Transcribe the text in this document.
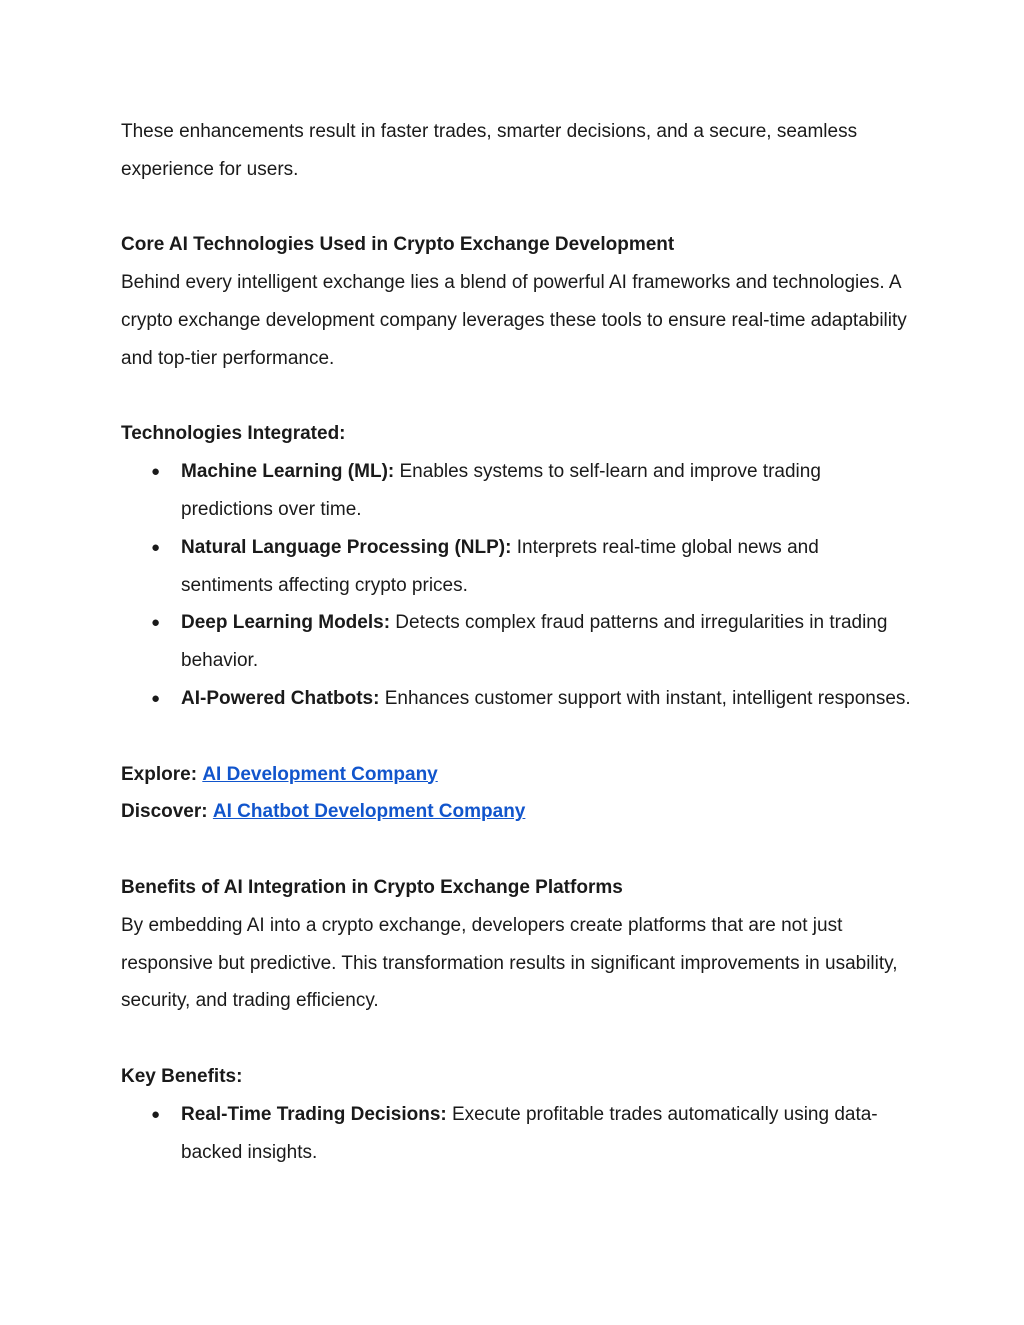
These enhancements result in faster trades, smarter decisions, and a secure, seamless experience for users.

Core AI Technologies Used in Crypto Exchange Development

Behind every intelligent exchange lies a blend of powerful AI frameworks and technologies. A crypto exchange development company leverages these tools to ensure real-time adaptability and top-tier performance.

Technologies Integrated:

● Machine Learning (ML): Enables systems to self-learn and improve trading predictions over time.
● Natural Language Processing (NLP): Interprets real-time global news and sentiments affecting crypto prices.
● Deep Learning Models: Detects complex fraud patterns and irregularities in trading behavior.
● AI-Powered Chatbots: Enhances customer support with instant, intelligent responses.

Explore: AI Development Company

Discover: AI Chatbot Development Company

Benefits of AI Integration in Crypto Exchange Platforms

By embedding AI into a crypto exchange, developers create platforms that are not just responsive but predictive. This transformation results in significant improvements in usability, security, and trading efficiency.

Key Benefits:

● Real-Time Trading Decisions: Execute profitable trades automatically using data-backed insights.
